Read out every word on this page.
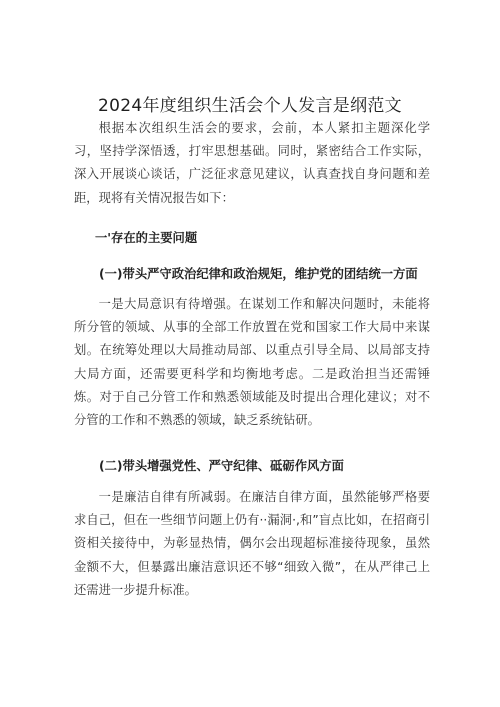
2024年度组织生活会个人发言是纲范文

根据本次组织生活会的要求，会前，本人紧扣主题深化学习，坚持学深悟透，打牢思想基础。同时，紧密结合工作实际，深入开展谈心谈话，广泛征求意见建议，认真查找自身问题和差距，现将有关情况报告如下：

一'存在的主要问题
(一)带头严守政治纪律和政治规矩，维护党的团结统一方面

一是大局意识有待增强。在谋划工作和解决问题时，未能将所分管的领域、从事的全部工作放置在党和国家工作大局中来谋划。在统筹处理以大局推动局部、以重点引导全局、以局部支持大局方面，还需要更科学和均衡地考虑。二是政治担当还需锤炼。对于自己分管工作和熟悉领域能及时提出合理化建议；对不分管的工作和不熟悉的领域，缺乏系统钻研。

(二)带头增强党性、严守纪律、砥砺作风方面

一是廉洁自律有所减弱。在廉洁自律方面，虽然能够严格要求自己，但在一些细节问题上仍有··漏洞·,和”盲点比如，在招商引资相关接待中，为彰显热情，偶尔会出现超标准接待现象，虽然金额不大，但暴露出廉洁意识还不够“细致入微”，在从严律己上还需进一步提升标准。
